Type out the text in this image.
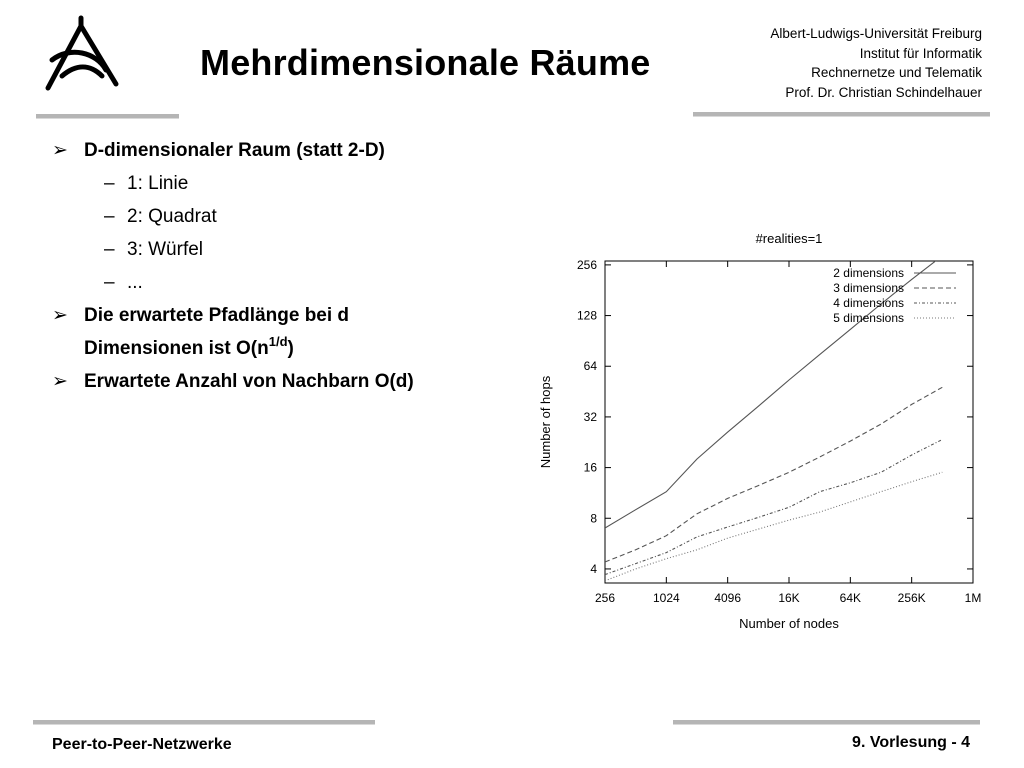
Mehrdimensionale Räume
Albert-Ludwigs-Universität Freiburg
Institut für Informatik
Rechnernetze und Telematik
Prof. Dr. Christian Schindelhauer
➢ D-dimensionaler Raum (statt 2-D)
– 1: Linie
– 2: Quadrat
– 3: Würfel
– ...
➢ Die erwartete Pfadlänge bei d Dimensionen ist $O(n^{1/d})$
➢ Erwartete Anzahl von Nachbarn O(d)
#realities=1
4
8
16
32
64
128
256
256	1024	4096	16K	64K	256K	1M
2 dimensions
3 dimensions
4 dimensions
5 dimensions
Number of nodes
Number of hops
Peer-to-Peer-Netzwerke	9. Vorlesung - 4
